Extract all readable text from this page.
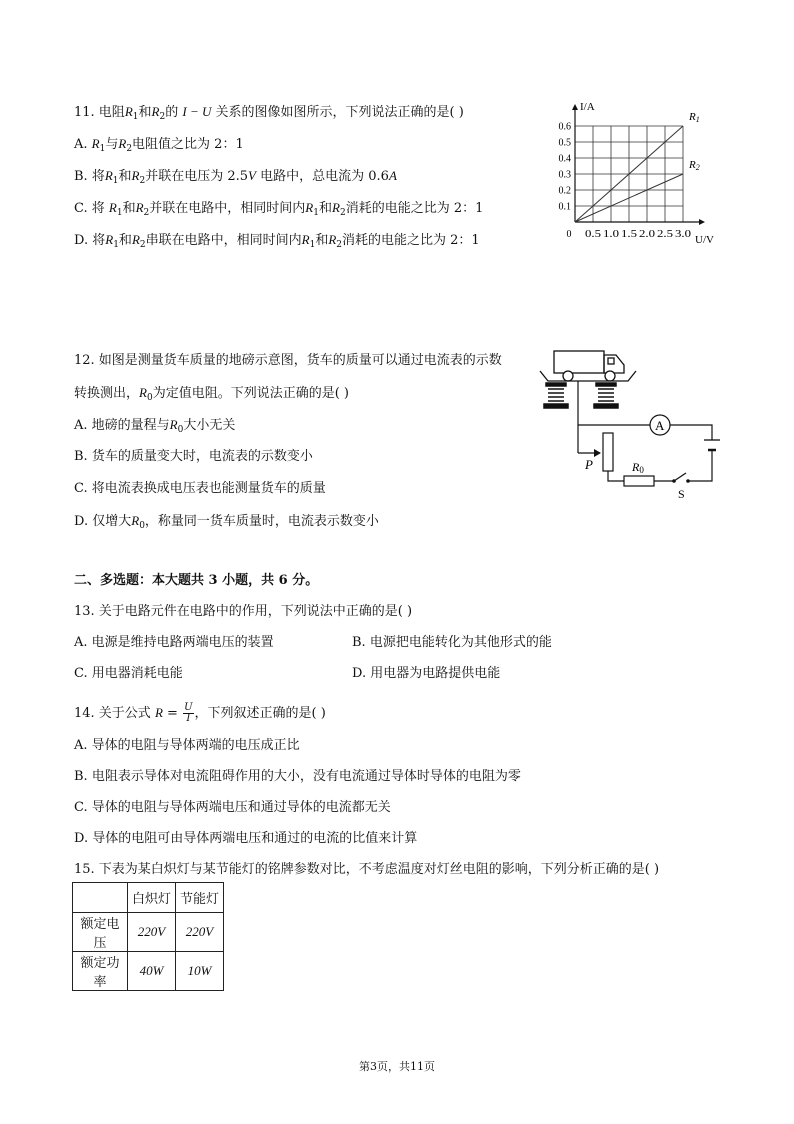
11. 电阻$R_1$和$R_2$的 I − U 关系的图像如图所示，下列说法正确的是( )
A. $R_1$与$R_2$电阻值之比为 2：1
B. 将$R_1$和$R_2$并联在电压为 2.5V 电路中，总电流为 0.6A
C. 将 $R_1$和$R_2$并联在电路中，相同时间内$R_1$和$R_2$消耗的电能之比为 2：1
D. 将$R_1$和$R_2$串联在电路中，相同时间内$R_1$和$R_2$消耗的电能之比为 2：1
R1
R2
0.1
0.2
0.3
0.4
0.5
0.6
0 0.5 1.0 1.5 2.0 2.5 3.0
I/A
U/V
12. 如图是测量货车质量的地磅示意图，货车的质量可以通过电流表的示数
转换测出，$R_0$为定值电阻。下列说法正确的是( )
A. 地磅的量程与$R_0$大小无关
B. 货车的质量变大时，电流表的示数变小
C. 将电流表换成电压表也能测量货车的质量
D. 仅增大$R_0$，称量同一货车质量时，电流表示数变小
P
A
R0
S
二、多选题：本大题共 3 小题，共 6 分。
13. 关于电路元件在电路中的作用，下列说法中正确的是( )
A. 电源是维持电路两端电压的装置	B. 电源把电能转化为其他形式的能
C. 用电器消耗电能	D. 用电器为电路提供电能
14. 关于公式 $R = \frac{U}{I}$ ，下列叙述正确的是( )
A. 导体的电阻与导体两端的电压成正比
B. 电阻表示导体对电流阻碍作用的大小，没有电流通过导体时导体的电阻为零
C. 导体的电阻与导体两端电压和通过导体的电流都无关
D. 导体的电阻可由导体两端电压和通过的电流的比值来计算
15. 下表为某白炽灯与某节能灯的铭牌参数对比，不考虑温度对灯丝电阻的影响，下列分析正确的是( )
	白炽灯	节能灯
额定电压	220V	220V
额定功率	40W	10W
第3页，共11页
